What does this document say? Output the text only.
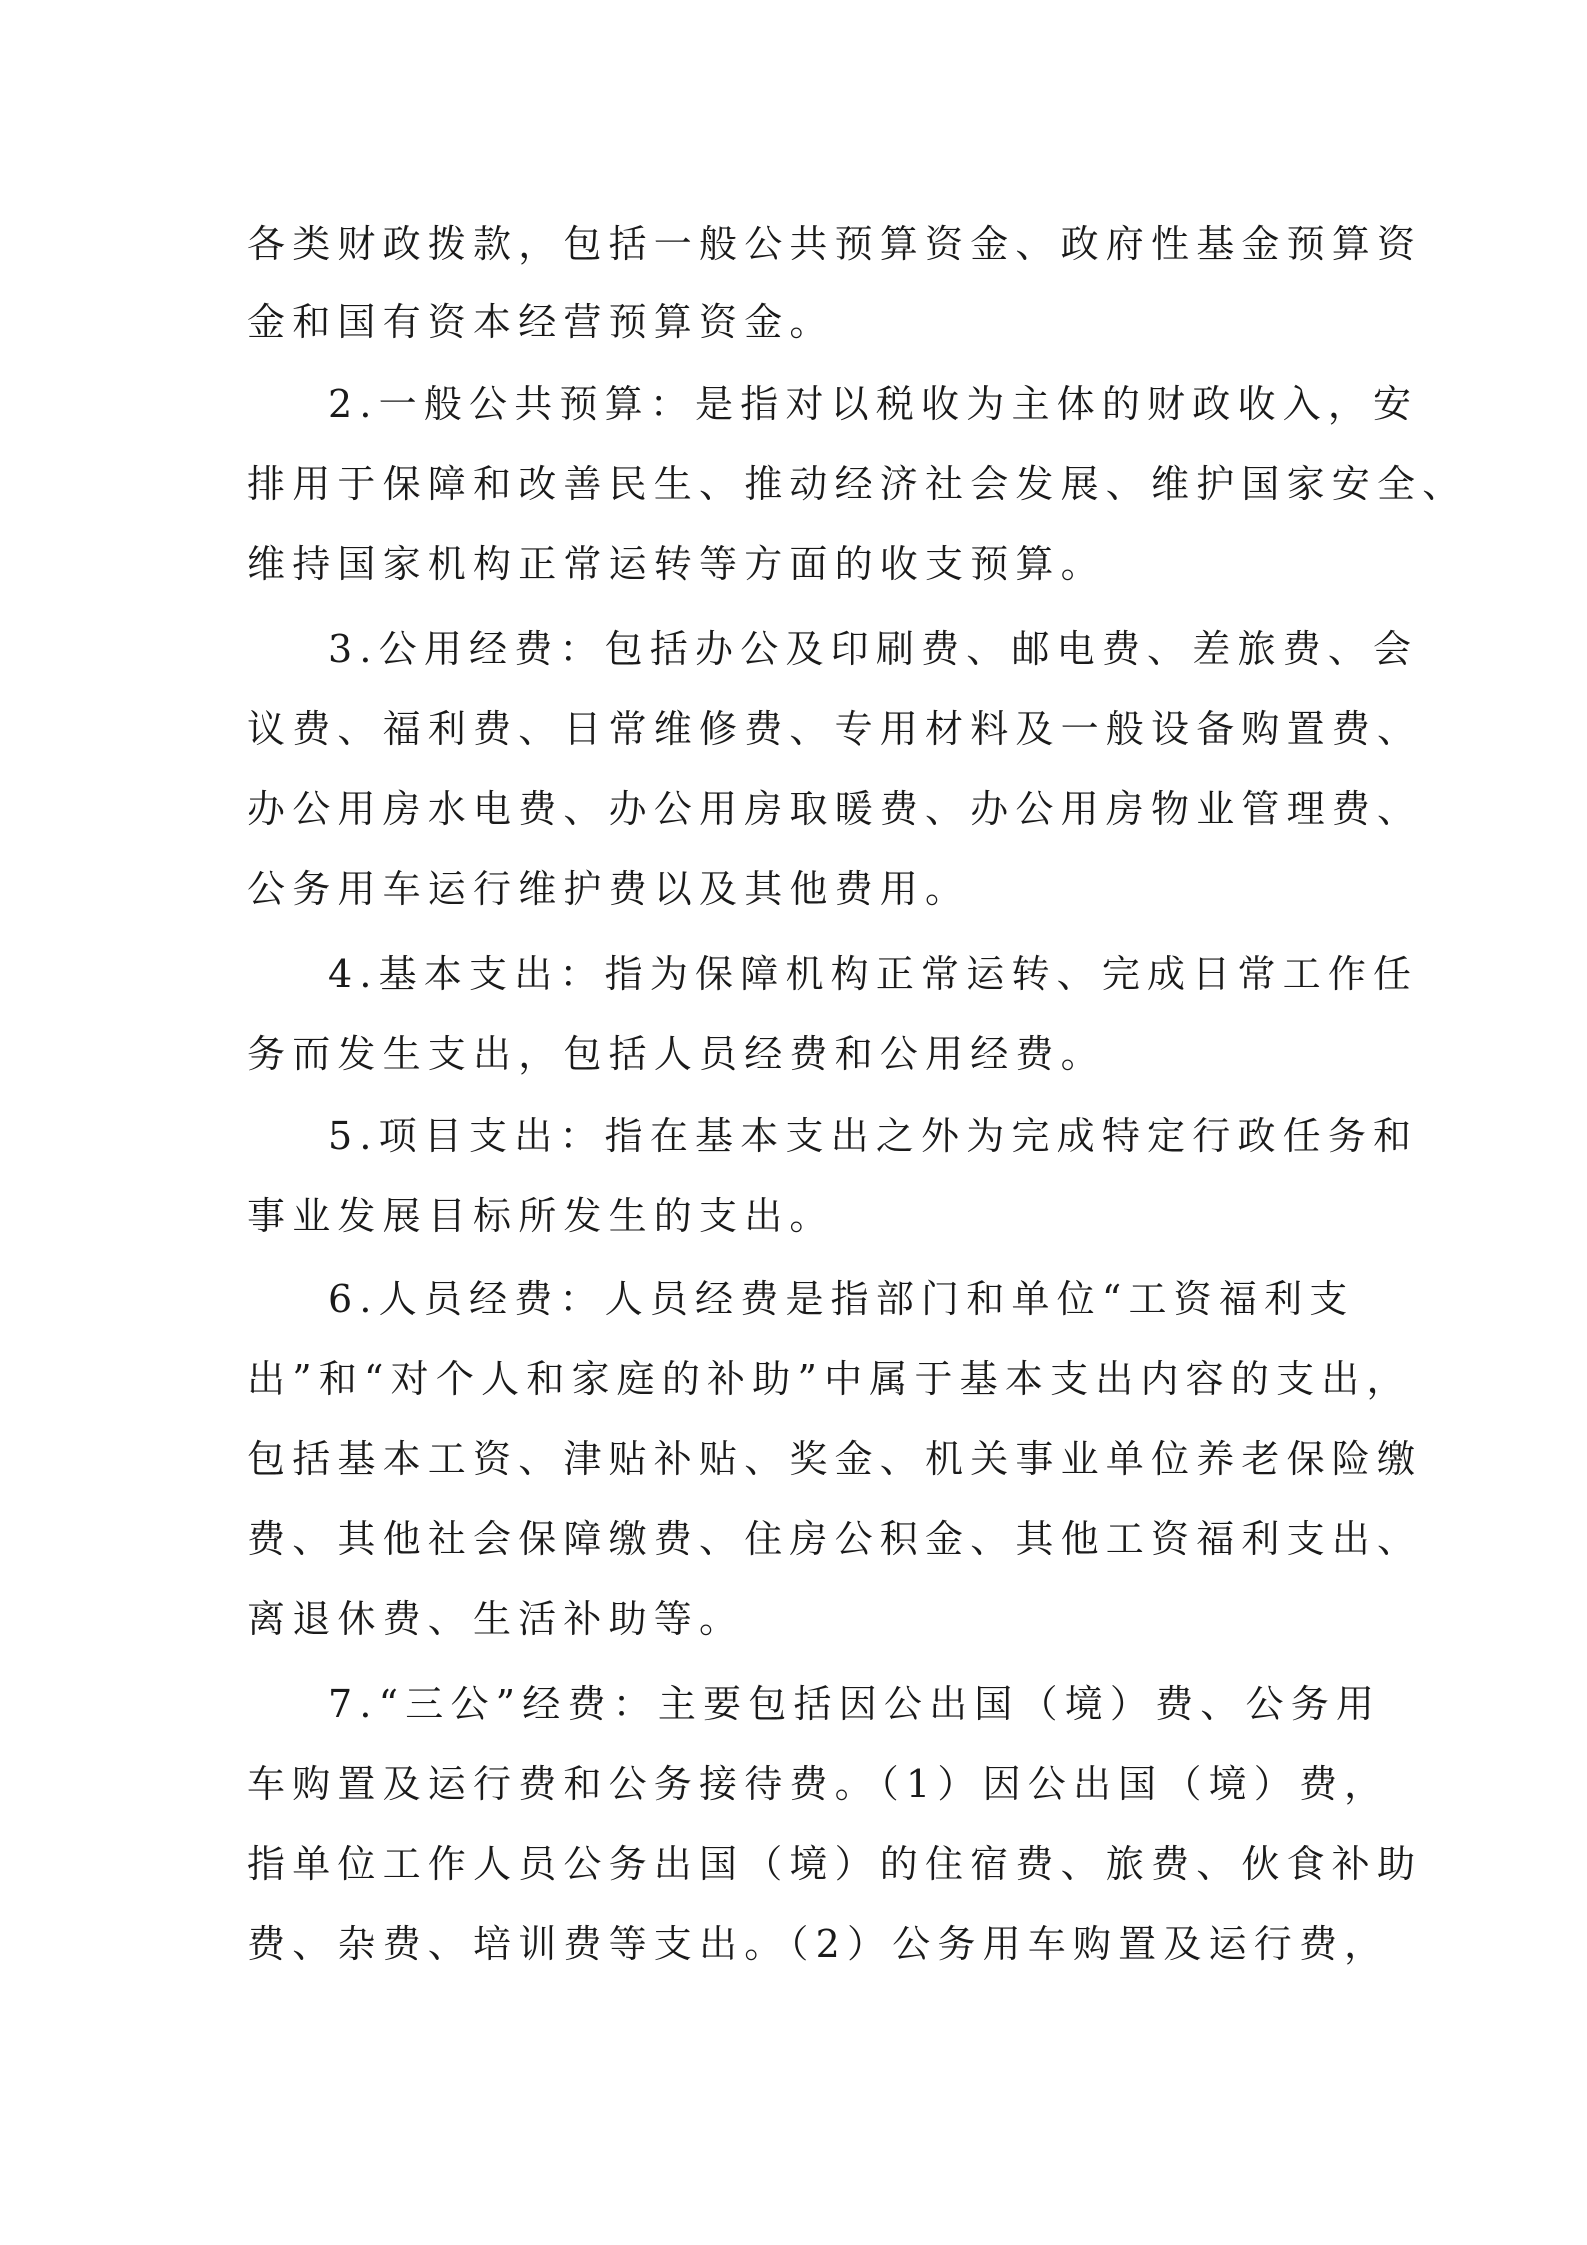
各类财政拨款，包括一般公共预算资金、政府性基金预算资
金和国有资本经营预算资金。
2.一般公共预算：是指对以税收为主体的财政收入，安
排用于保障和改善民生、推动经济社会发展、维护国家安全、
维持国家机构正常运转等方面的收支预算。
3.公用经费：包括办公及印刷费、邮电费、差旅费、会
议费、福利费、日常维修费、专用材料及一般设备购置费、
办公用房水电费、办公用房取暖费、办公用房物业管理费、
公务用车运行维护费以及其他费用。
4.基本支出：指为保障机构正常运转、完成日常工作任
务而发生支出，包括人员经费和公用经费。
5.项目支出：指在基本支出之外为完成特定行政任务和
事业发展目标所发生的支出。
6.人员经费：人员经费是指部门和单位“工资福利支
出”和“对个人和家庭的补助”中属于基本支出内容的支出，
包括基本工资、津贴补贴、奖金、机关事业单位养老保险缴
费、其他社会保障缴费、住房公积金、其他工资福利支出、
离退休费、生活补助等。
7.“三公”经费：主要包括因公出国（境）费、公务用
车购置及运行费和公务接待费。（1）因公出国（境）费，
指单位工作人员公务出国（境）的住宿费、旅费、伙食补助
费、杂费、培训费等支出。（2）公务用车购置及运行费，
